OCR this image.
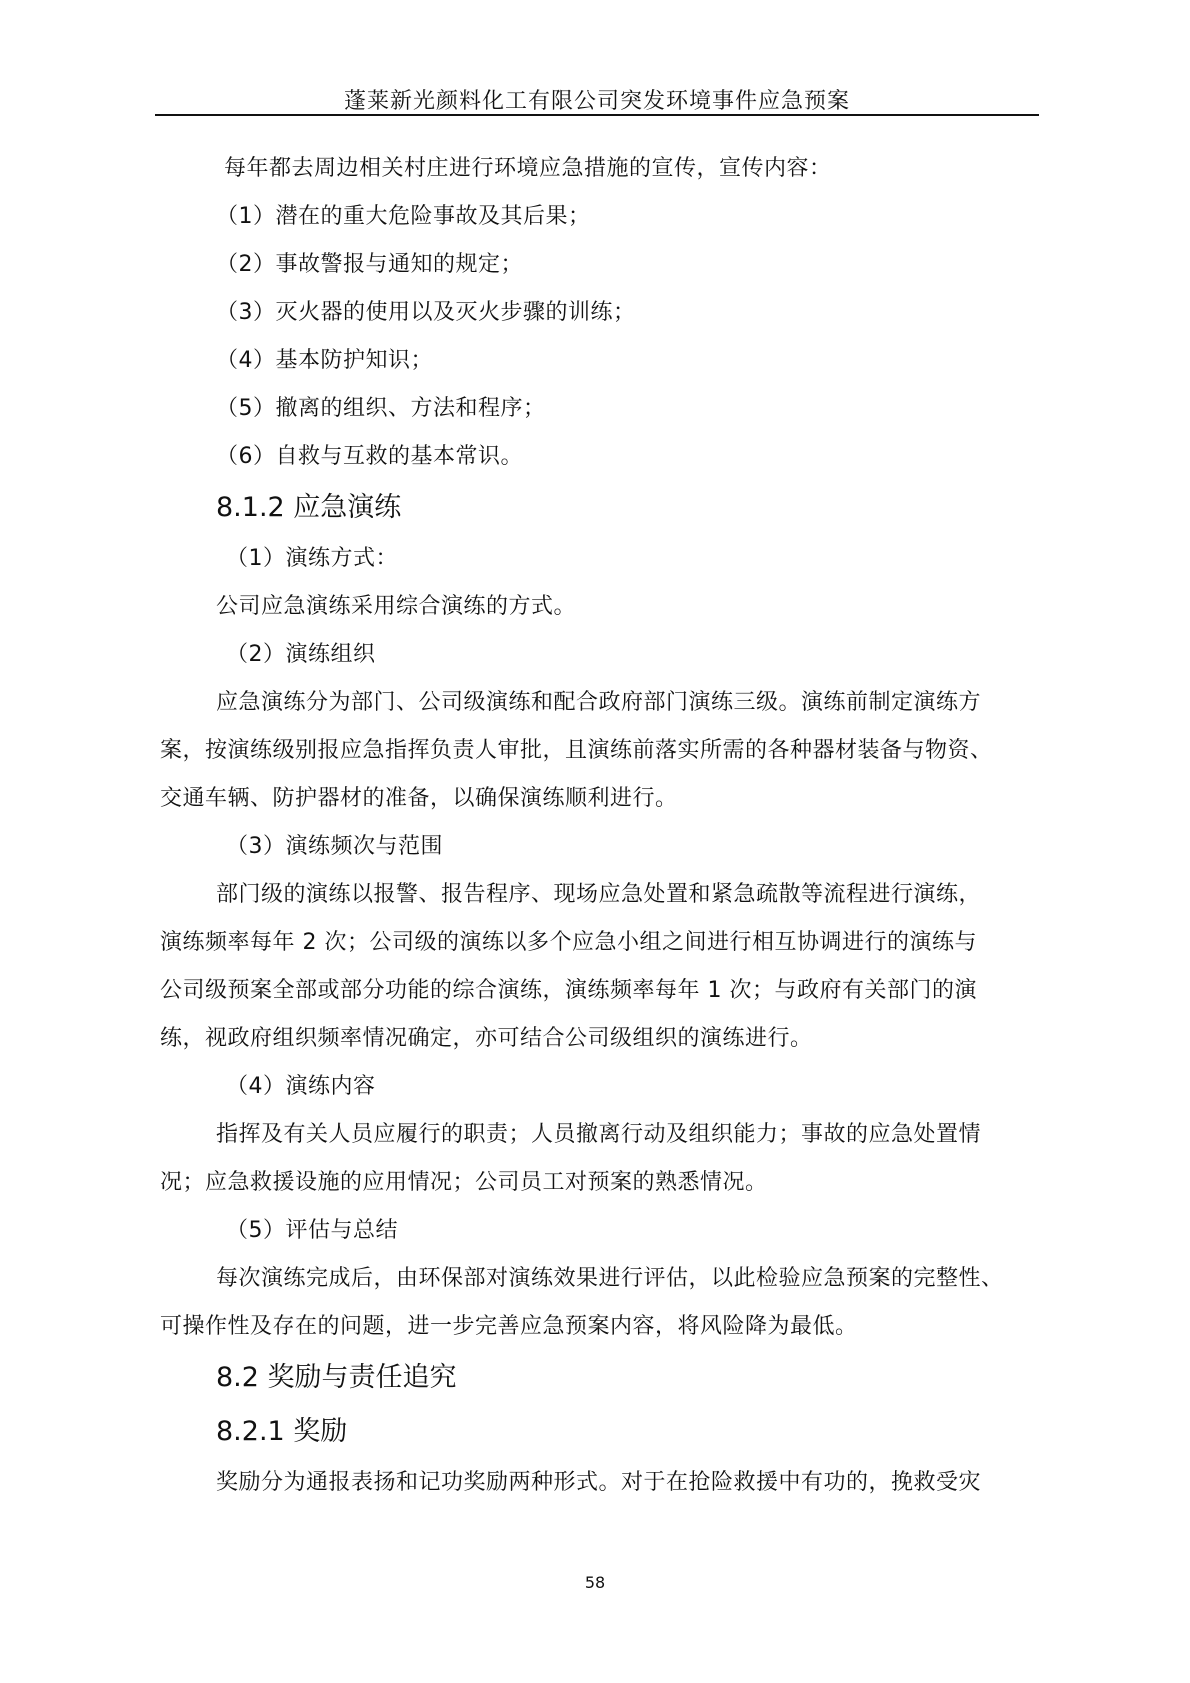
蓬莱新光颜料化工有限公司突发环境事件应急预案
每年都去周边相关村庄进行环境应急措施的宣传，宣传内容：
（1）潜在的重大危险事故及其后果；
（2）事故警报与通知的规定；
（3）灭火器的使用以及灭火步骤的训练；
（4）基本防护知识；
（5）撤离的组织、方法和程序；
（6）自救与互救的基本常识。
8.1.2 应急演练
（1）演练方式：
公司应急演练采用综合演练的方式。
（2）演练组织
应急演练分为部门、公司级演练和配合政府部门演练三级。演练前制定演练方
案，按演练级别报应急指挥负责人审批，且演练前落实所需的各种器材装备与物资、
交通车辆、防护器材的准备，以确保演练顺利进行。
（3）演练频次与范围
部门级的演练以报警、报告程序、现场应急处置和紧急疏散等流程进行演练，
演练频率每年 2 次；公司级的演练以多个应急小组之间进行相互协调进行的演练与
公司级预案全部或部分功能的综合演练，演练频率每年 1 次；与政府有关部门的演
练，视政府组织频率情况确定，亦可结合公司级组织的演练进行。
（4）演练内容
指挥及有关人员应履行的职责；人员撤离行动及组织能力；事故的应急处置情
况；应急救援设施的应用情况；公司员工对预案的熟悉情况。
（5）评估与总结
每次演练完成后，由环保部对演练效果进行评估，以此检验应急预案的完整性、
可操作性及存在的问题，进一步完善应急预案内容，将风险降为最低。
8.2 奖励与责任追究
8.2.1 奖励
奖励分为通报表扬和记功奖励两种形式。对于在抢险救援中有功的，挽救受灾
58
